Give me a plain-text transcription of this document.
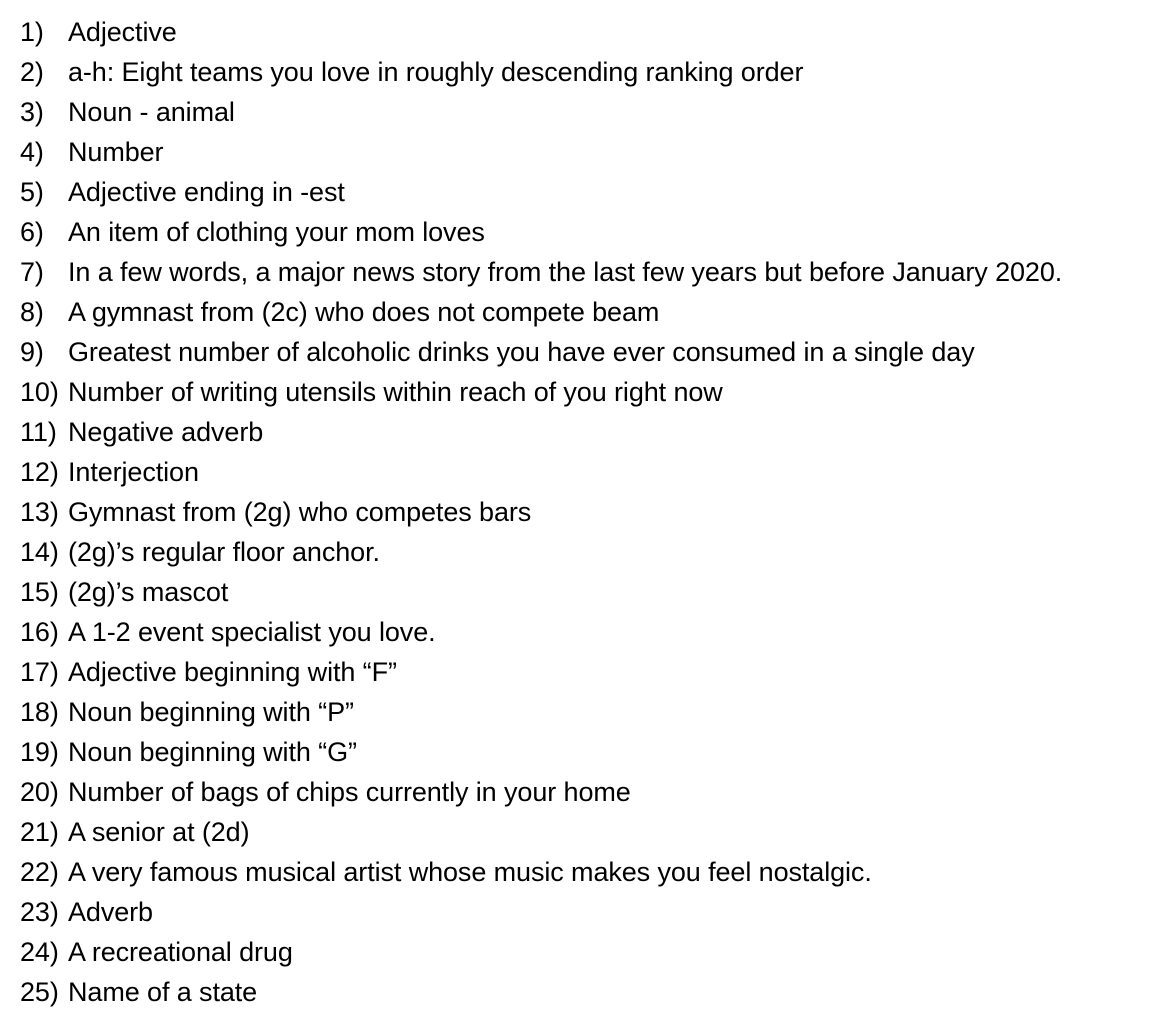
1) Adjective
2) a-h: Eight teams you love in roughly descending ranking order
3) Noun - animal
4) Number
5) Adjective ending in -est
6) An item of clothing your mom loves
7) In a few words, a major news story from the last few years but before January 2020.
8) A gymnast from (2c) who does not compete beam
9) Greatest number of alcoholic drinks you have ever consumed in a single day
10) Number of writing utensils within reach of you right now
11) Negative adverb
12) Interjection
13) Gymnast from (2g) who competes bars
14) (2g)’s regular floor anchor.
15) (2g)’s mascot
16) A 1-2 event specialist you love.
17) Adjective beginning with “F”
18) Noun beginning with “P”
19) Noun beginning with “G”
20) Number of bags of chips currently in your home
21) A senior at (2d)
22) A very famous musical artist whose music makes you feel nostalgic.
23) Adverb
24) A recreational drug
25) Name of a state
